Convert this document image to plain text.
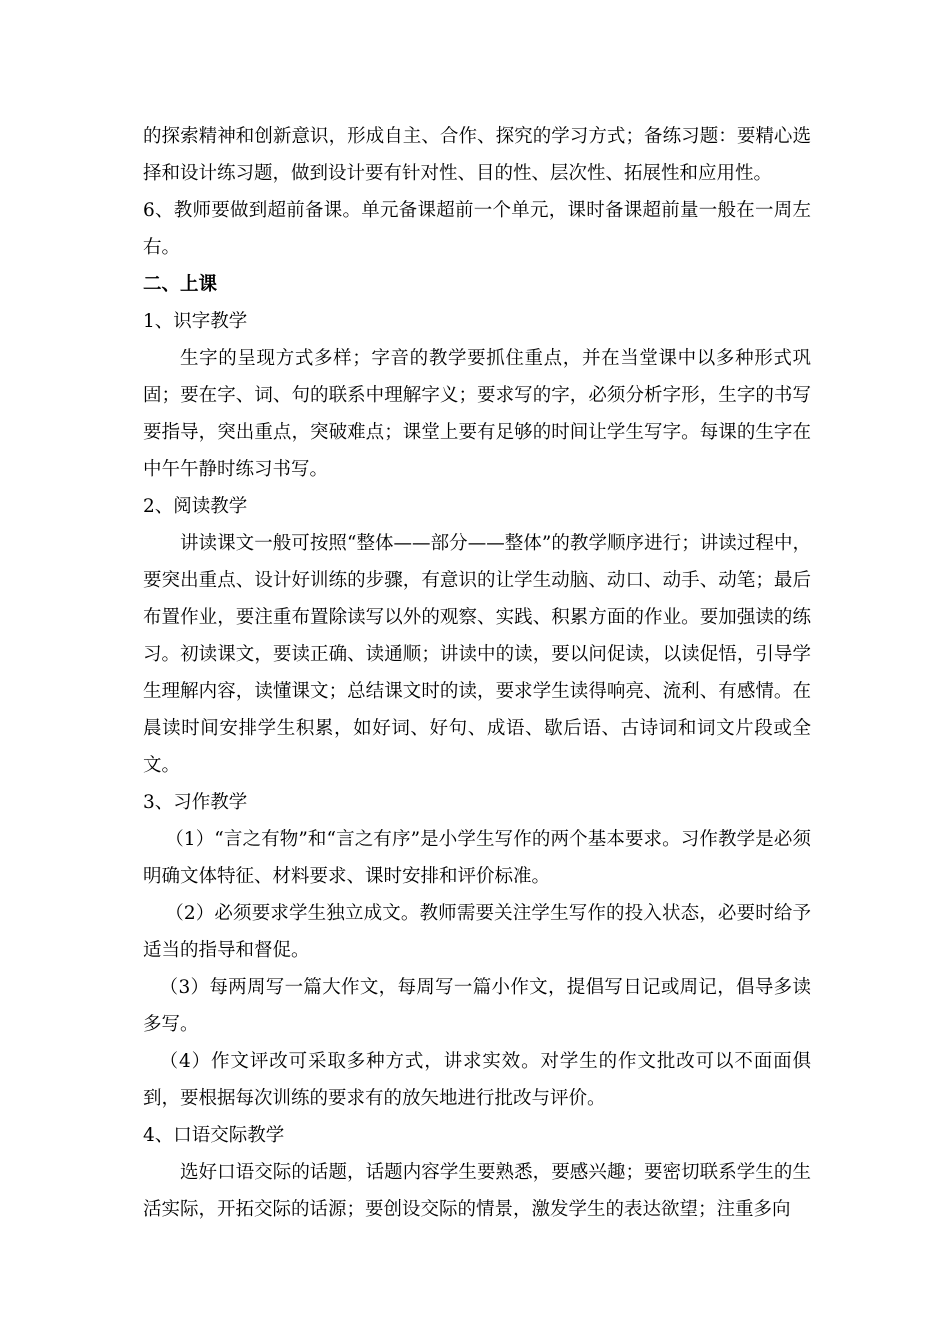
的探索精神和创新意识，形成自主、合作、探究的学习方式；备练习题：要精心选择和设计练习题，做到设计要有针对性、目的性、层次性、拓展性和应用性。

6、教师要做到超前备课。单元备课超前一个单元，课时备课超前量一般在一周左右。

二、上课

1、识字教学

生字的呈现方式多样；字音的教学要抓住重点，并在当堂课中以多种形式巩固；要在字、词、句的联系中理解字义；要求写的字，必须分析字形，生字的书写要指导，突出重点，突破难点；课堂上要有足够的时间让学生写字。每课的生字在中午午静时练习书写。

2、阅读教学

讲读课文一般可按照“整体——部分——整体”的教学顺序进行；讲读过程中，要突出重点、设计好训练的步骤，有意识的让学生动脑、动口、动手、动笔；最后布置作业，要注重布置除读写以外的观察、实践、积累方面的作业。要加强读的练习。初读课文，要读正确、读通顺；讲读中的读，要以问促读，以读促悟，引导学生理解内容，读懂课文；总结课文时的读，要求学生读得响亮、流利、有感情。在晨读时间安排学生积累，如好词、好句、成语、歇后语、古诗词和词文片段或全文。

3、习作教学

（1）“言之有物”和“言之有序”是小学生写作的两个基本要求。习作教学是必须明确文体特征、材料要求、课时安排和评价标准。

（2）必须要求学生独立成文。教师需要关注学生写作的投入状态，必要时给予适当的指导和督促。

（3）每两周写一篇大作文，每周写一篇小作文，提倡写日记或周记，倡导多读多写。

（4）作文评改可采取多种方式，讲求实效。对学生的作文批改可以不面面俱到，要根据每次训练的要求有的放矢地进行批改与评价。

4、口语交际教学

选好口语交际的话题，话题内容学生要熟悉，要感兴趣；要密切联系学生的生活实际，开拓交际的话源；要创设交际的情景，激发学生的表达欲望；注重多向
